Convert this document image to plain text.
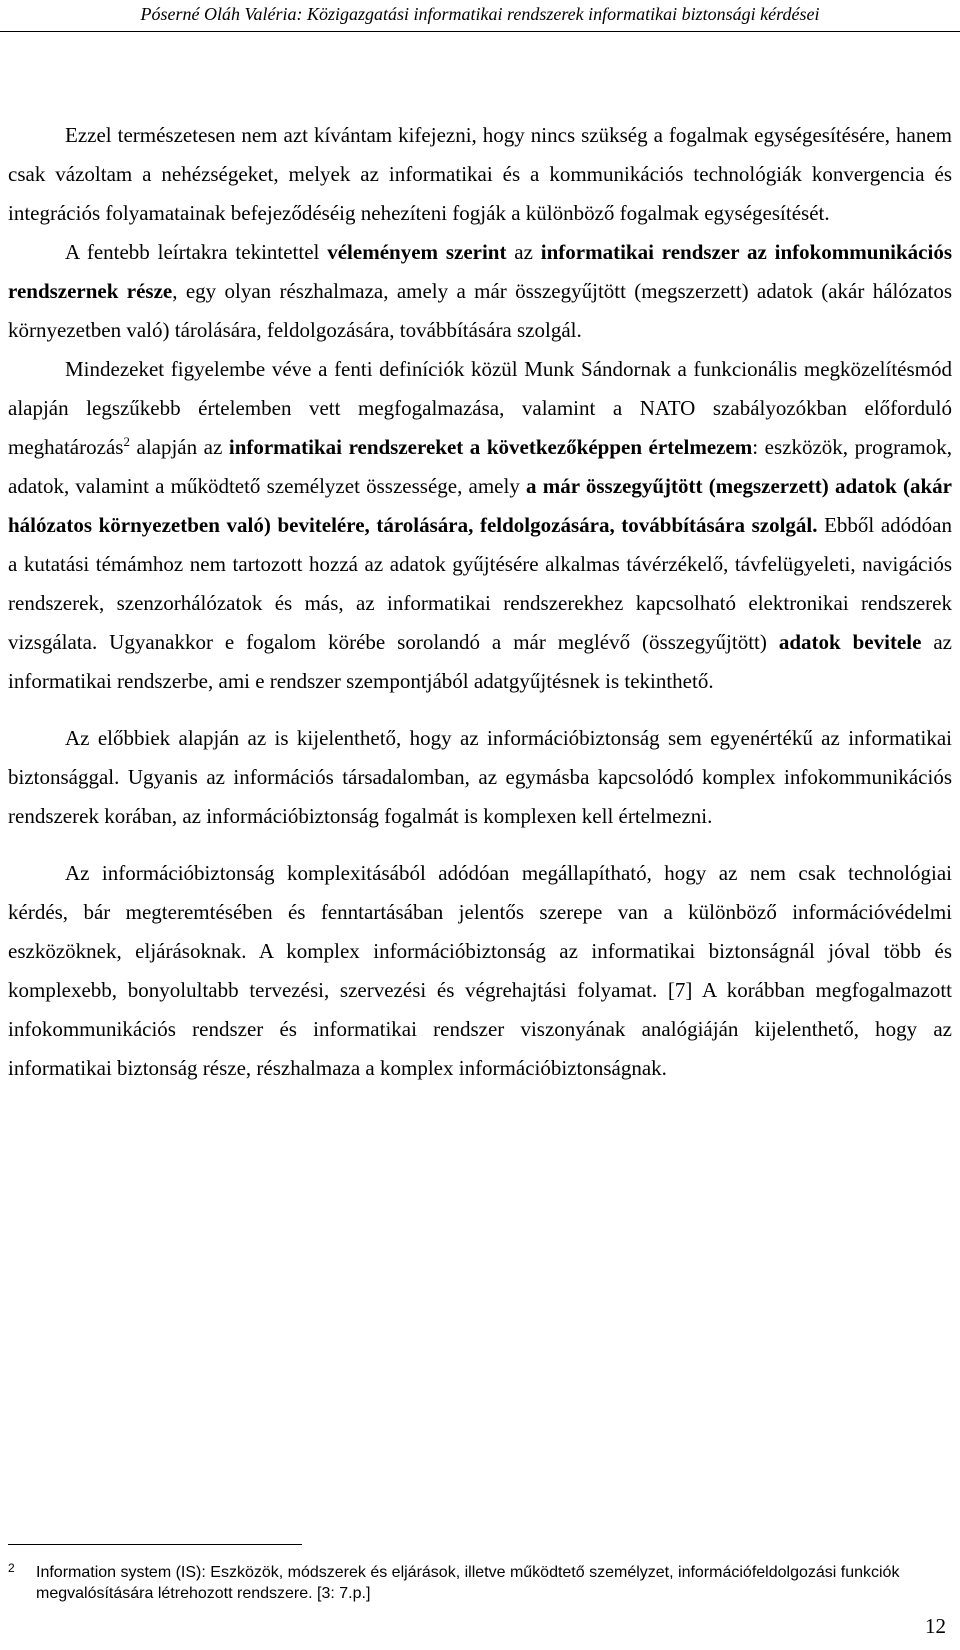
Póserné Oláh Valéria: Közigazgatási informatikai rendszerek informatikai biztonsági kérdései

Ezzel természetesen nem azt kívántam kifejezni, hogy nincs szükség a fogalmak egységesítésére, hanem csak vázoltam a nehézségeket, melyek az informatikai és a kommunikációs technológiák konvergencia és integrációs folyamatainak befejeződéséig nehezíteni fogják a különböző fogalmak egységesítését.

A fentebb leírtakra tekintettel véleményem szerint az informatikai rendszer az infokommunikációs rendszernek része, egy olyan részhalmaza, amely a már összegyűjtött (megszerzett) adatok (akár hálózatos környezetben való) tárolására, feldolgozására, továbbítására szolgál.

Mindezeket figyelembe véve a fenti definíciók közül Munk Sándornak a funkcionális megközelítésmód alapján legszűkebb értelemben vett megfogalmazása, valamint a NATO szabályozókban előforduló meghatározás$^2$ alapján az informatikai rendszereket a következőképpen értelmezem: eszközök, programok, adatok, valamint a működtető személyzet összessége, amely a már összegyűjtött (megszerzett) adatok (akár hálózatos környezetben való) bevitelére, tárolására, feldolgozására, továbbítására szolgál. Ebből adódóan a kutatási témámhoz nem tartozott hozzá az adatok gyűjtésére alkalmas távérzékelő, távfelügyeleti, navigációs rendszerek, szenzorhálózatok és más, az informatikai rendszerekhez kapcsolható elektronikai rendszerek vizsgálata. Ugyanakkor e fogalom körébe sorolandó a már meglévő (összegyűjtött) adatok bevitele az informatikai rendszerbe, ami e rendszer szempontjából adatgyűjtésnek is tekinthető.

Az előbbiek alapján az is kijelenthető, hogy az információbiztonság sem egyenértékű az informatikai biztonsággal. Ugyanis az információs társadalomban, az egymásba kapcsolódó komplex infokommunikációs rendszerek korában, az információbiztonság fogalmát is komplexen kell értelmezni.

Az információbiztonság komplexitásából adódóan megállapítható, hogy az nem csak technológiai kérdés, bár megteremtésében és fenntartásában jelentős szerepe van a különböző információvédelmi eszközöknek, eljárásoknak. A komplex információbiztonság az informatikai biztonságnál jóval több és komplexebb, bonyolultabb tervezési, szervezési és végrehajtási folyamat. [7] A korábban megfogalmazott infokommunikációs rendszer és informatikai rendszer viszonyának analógiáján kijelenthető, hogy az informatikai biztonság része, részhalmaza a komplex információbiztonságnak.

2	Information system (IS): Eszközök, módszerek és eljárások, illetve működtető személyzet, információfeldolgozási funkciók megvalósítására létrehozott rendszere. [3: 7.p.]
12
